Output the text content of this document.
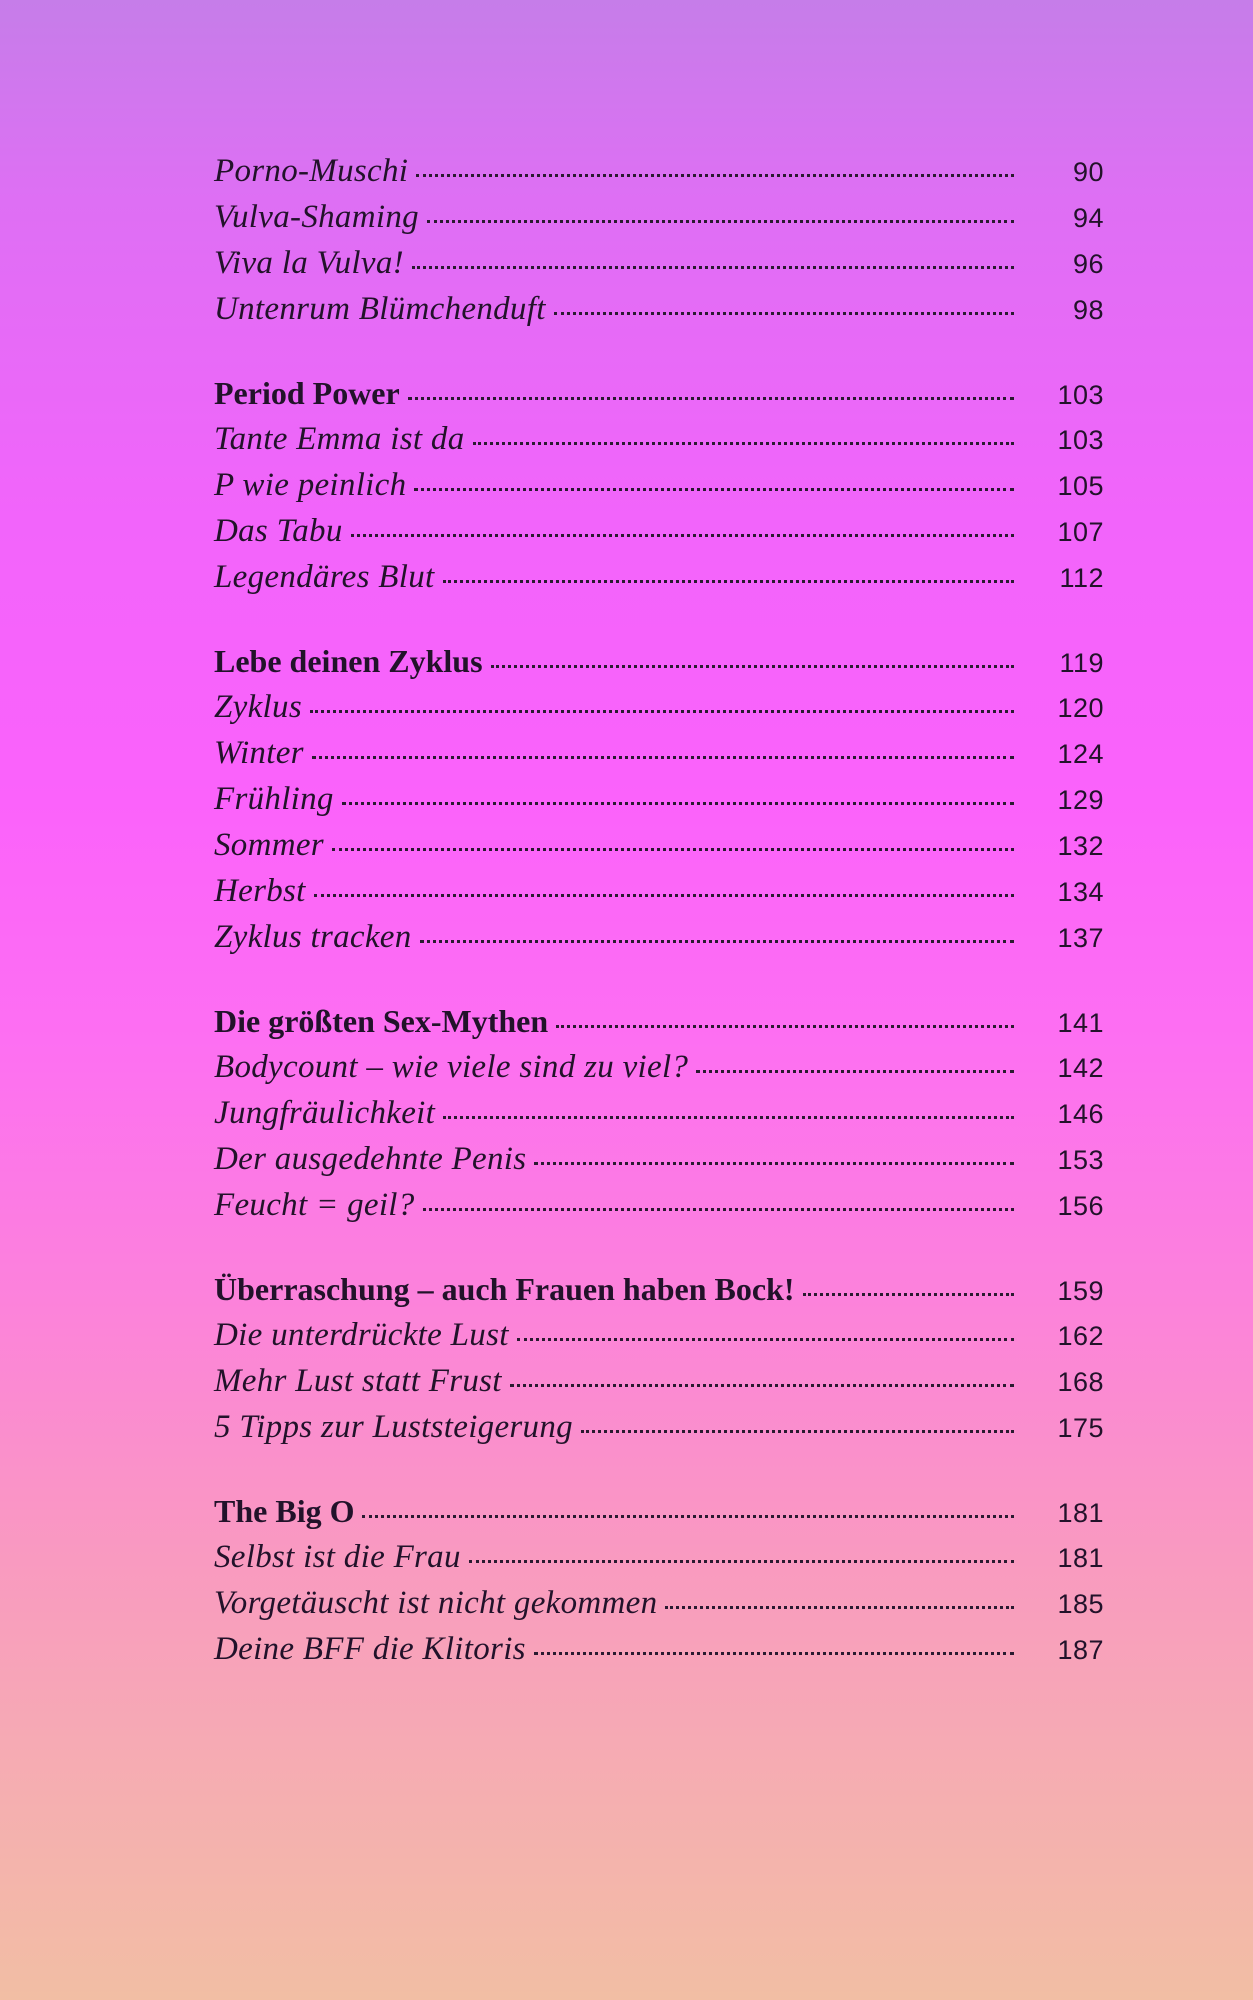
Porno-Muschi	90
Vulva-Shaming	94
Viva la Vulva!	96
Untenrum Blümchenduft	98
Period Power	103
Tante Emma ist da	103
P wie peinlich	105
Das Tabu	107
Legendäres Blut	112
Lebe deinen Zyklus	119
Zyklus	120
Winter	124
Frühling	129
Sommer	132
Herbst	134
Zyklus tracken	137
Die größten Sex-Mythen	141
Bodycount – wie viele sind zu viel?	142
Jungfräulichkeit	146
Der ausgedehnte Penis	153
Feucht = geil?	156
Überraschung – auch Frauen haben Bock!	159
Die unterdrückte Lust	162
Mehr Lust statt Frust	168
5 Tipps zur Luststeigerung	175
The Big O	181
Selbst ist die Frau	181
Vorgetäuscht ist nicht gekommen	185
Deine BFF die Klitoris	187
